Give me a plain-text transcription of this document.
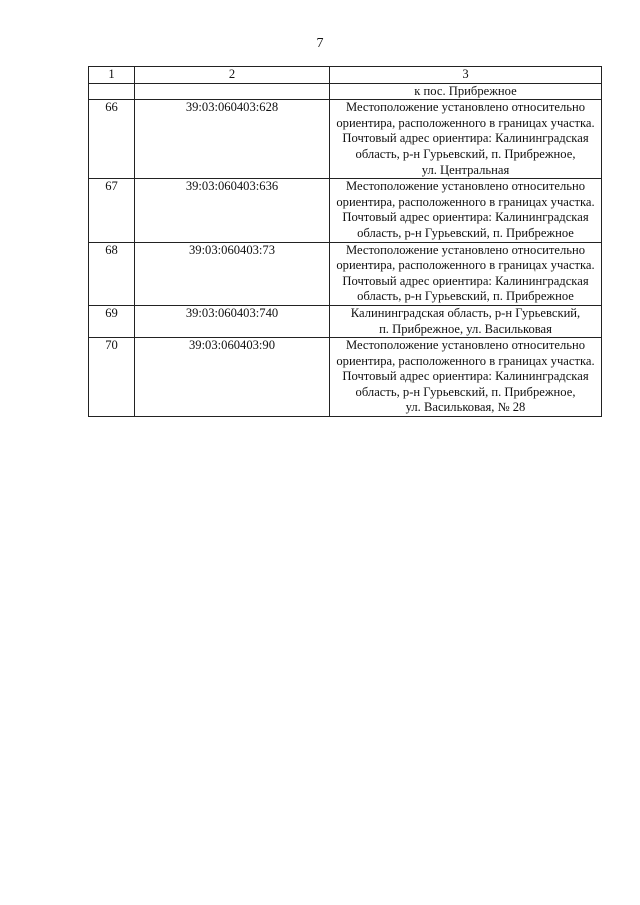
7
1	2	3
		к пос. Прибрежное
66	39:03:060403:628	Местоположение установлено относительно
ориентира, расположенного в границах участка.
Почтовый адрес ориентира: Калининградская
область, р-н Гурьевский, п. Прибрежное,
ул. Центральная

67	39:03:060403:636	Местоположение установлено относительно
ориентира, расположенного в границах участка.
Почтовый адрес ориентира: Калининградская
область, р-н Гурьевский, п. Прибрежное

68	39:03:060403:73	Местоположение установлено относительно
ориентира, расположенного в границах участка.
Почтовый адрес ориентира: Калининградская
область, р-н Гурьевский, п. Прибрежное

69	39:03:060403:740	Калининградская область, р-н Гурьевский,
п. Прибрежное, ул. Васильковая

70	39:03:060403:90	Местоположение установлено относительно
ориентира, расположенного в границах участка.
Почтовый адрес ориентира: Калининградская
область, р-н Гурьевский, п. Прибрежное,
ул. Васильковая, № 28
